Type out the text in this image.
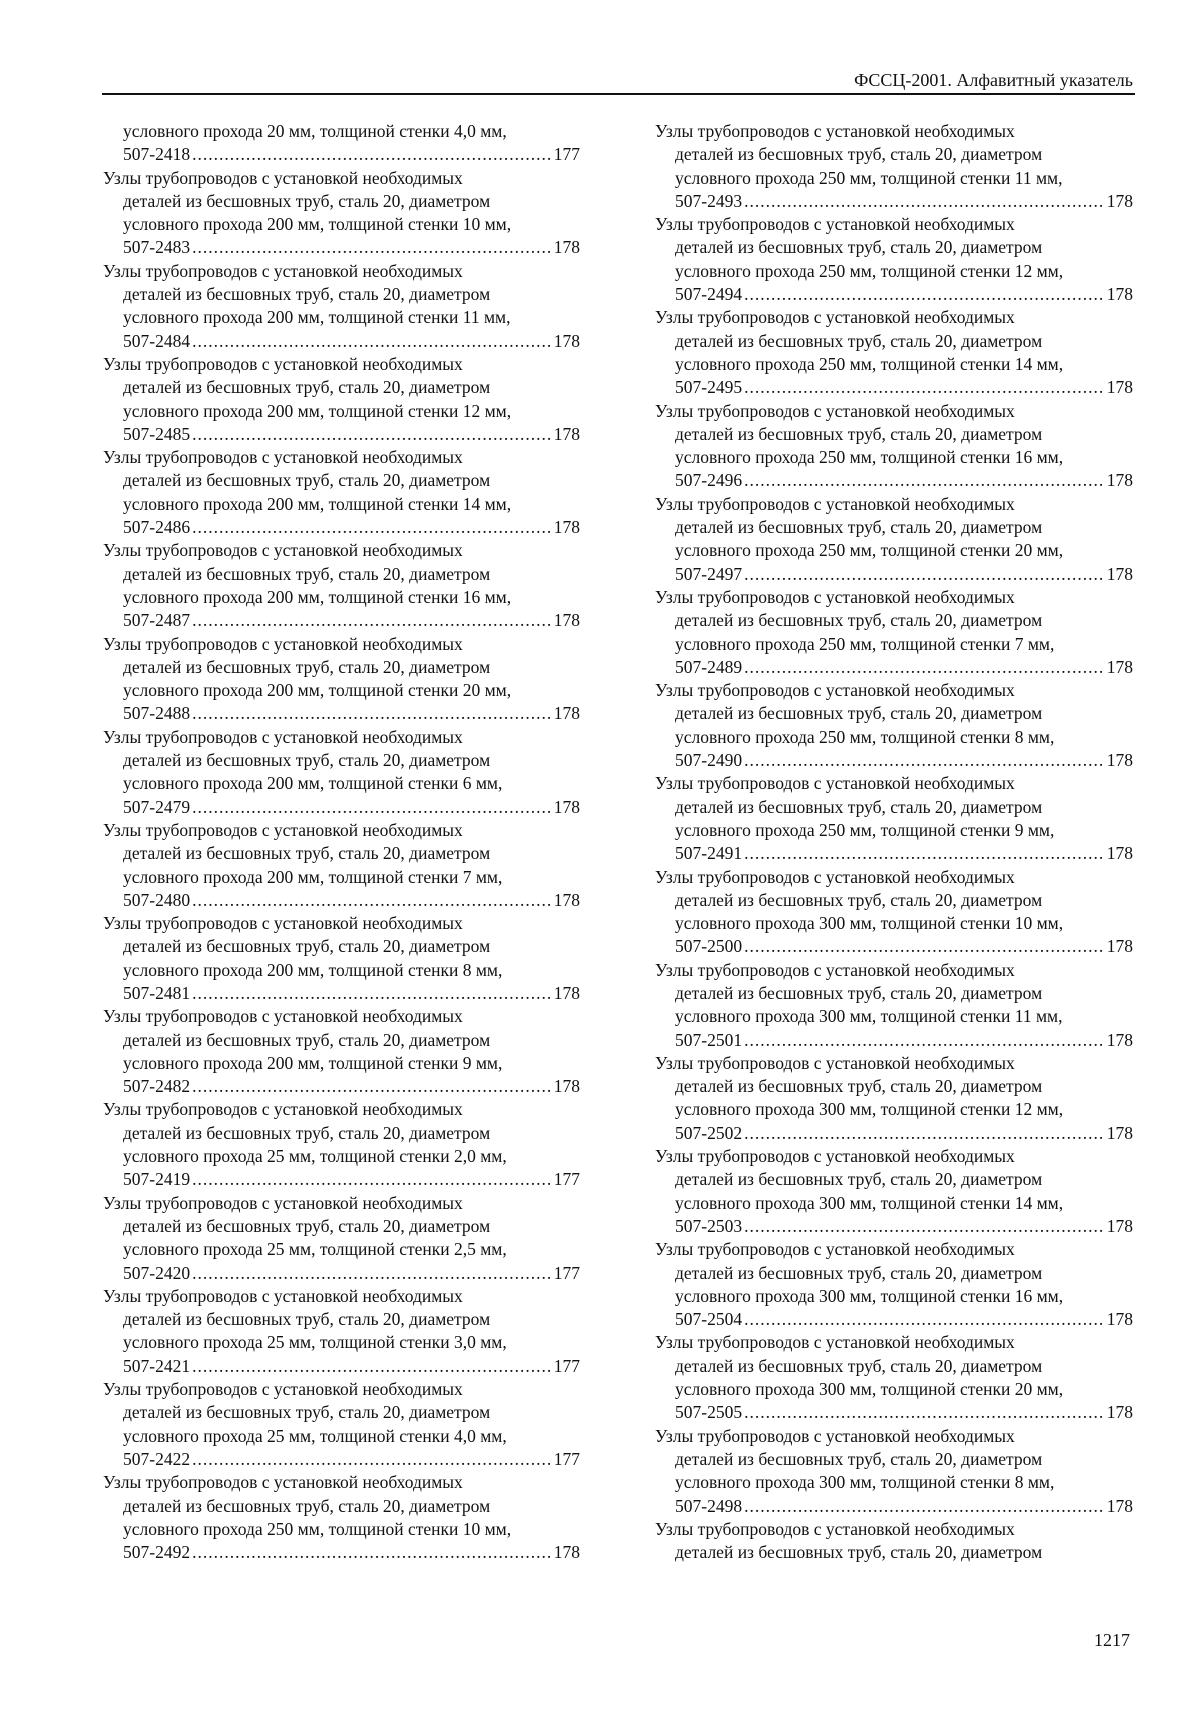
ФССЦ-2001. Алфавитный указатель
условного прохода 20 мм, толщиной стенки 4,0 мм,
507-2418 .....	177
Узлы трубопроводов с установкой необходимых
деталей из бесшовных труб, сталь 20, диаметром
условного прохода 200 мм, толщиной стенки 10 мм,
507-2483 .....	178
Узлы трубопроводов с установкой необходимых
деталей из бесшовных труб, сталь 20, диаметром
условного прохода 200 мм, толщиной стенки 11 мм,
507-2484 .....	178
Узлы трубопроводов с установкой необходимых
деталей из бесшовных труб, сталь 20, диаметром
условного прохода 200 мм, толщиной стенки 12 мм,
507-2485 .....	178
Узлы трубопроводов с установкой необходимых
деталей из бесшовных труб, сталь 20, диаметром
условного прохода 200 мм, толщиной стенки 14 мм,
507-2486 .....	178
Узлы трубопроводов с установкой необходимых
деталей из бесшовных труб, сталь 20, диаметром
условного прохода 200 мм, толщиной стенки 16 мм,
507-2487 .....	178
Узлы трубопроводов с установкой необходимых
деталей из бесшовных труб, сталь 20, диаметром
условного прохода 200 мм, толщиной стенки 20 мм,
507-2488 .....	178
Узлы трубопроводов с установкой необходимых
деталей из бесшовных труб, сталь 20, диаметром
условного прохода 200 мм, толщиной стенки 6 мм,
507-2479 .....	178
Узлы трубопроводов с установкой необходимых
деталей из бесшовных труб, сталь 20, диаметром
условного прохода 200 мм, толщиной стенки 7 мм,
507-2480 .....	178
Узлы трубопроводов с установкой необходимых
деталей из бесшовных труб, сталь 20, диаметром
условного прохода 200 мм, толщиной стенки 8 мм,
507-2481 .....	178
Узлы трубопроводов с установкой необходимых
деталей из бесшовных труб, сталь 20, диаметром
условного прохода 200 мм, толщиной стенки 9 мм,
507-2482 .....	178
Узлы трубопроводов с установкой необходимых
деталей из бесшовных труб, сталь 20, диаметром
условного прохода 25 мм, толщиной стенки 2,0 мм,
507-2419 .....	177
Узлы трубопроводов с установкой необходимых
деталей из бесшовных труб, сталь 20, диаметром
условного прохода 25 мм, толщиной стенки 2,5 мм,
507-2420 .....	177
Узлы трубопроводов с установкой необходимых
деталей из бесшовных труб, сталь 20, диаметром
условного прохода 25 мм, толщиной стенки 3,0 мм,
507-2421 .....	177
Узлы трубопроводов с установкой необходимых
деталей из бесшовных труб, сталь 20, диаметром
условного прохода 25 мм, толщиной стенки 4,0 мм,
507-2422 .....	177
Узлы трубопроводов с установкой необходимых
деталей из бесшовных труб, сталь 20, диаметром
условного прохода 250 мм, толщиной стенки 10 мм,
507-2492 .....	178
Узлы трубопроводов с установкой необходимых
деталей из бесшовных труб, сталь 20, диаметром
условного прохода 250 мм, толщиной стенки 11 мм,
507-2493 .....	178
Узлы трубопроводов с установкой необходимых
деталей из бесшовных труб, сталь 20, диаметром
условного прохода 250 мм, толщиной стенки 12 мм,
507-2494 .....	178
Узлы трубопроводов с установкой необходимых
деталей из бесшовных труб, сталь 20, диаметром
условного прохода 250 мм, толщиной стенки 14 мм,
507-2495 .....	178
Узлы трубопроводов с установкой необходимых
деталей из бесшовных труб, сталь 20, диаметром
условного прохода 250 мм, толщиной стенки 16 мм,
507-2496 .....	178
Узлы трубопроводов с установкой необходимых
деталей из бесшовных труб, сталь 20, диаметром
условного прохода 250 мм, толщиной стенки 20 мм,
507-2497 .....	178
Узлы трубопроводов с установкой необходимых
деталей из бесшовных труб, сталь 20, диаметром
условного прохода 250 мм, толщиной стенки 7 мм,
507-2489 .....	178
Узлы трубопроводов с установкой необходимых
деталей из бесшовных труб, сталь 20, диаметром
условного прохода 250 мм, толщиной стенки 8 мм,
507-2490 .....	178
Узлы трубопроводов с установкой необходимых
деталей из бесшовных труб, сталь 20, диаметром
условного прохода 250 мм, толщиной стенки 9 мм,
507-2491 .....	178
Узлы трубопроводов с установкой необходимых
деталей из бесшовных труб, сталь 20, диаметром
условного прохода 300 мм, толщиной стенки 10 мм,
507-2500 .....	178
Узлы трубопроводов с установкой необходимых
деталей из бесшовных труб, сталь 20, диаметром
условного прохода 300 мм, толщиной стенки 11 мм,
507-2501 .....	178
Узлы трубопроводов с установкой необходимых
деталей из бесшовных труб, сталь 20, диаметром
условного прохода 300 мм, толщиной стенки 12 мм,
507-2502 .....	178
Узлы трубопроводов с установкой необходимых
деталей из бесшовных труб, сталь 20, диаметром
условного прохода 300 мм, толщиной стенки 14 мм,
507-2503 .....	178
Узлы трубопроводов с установкой необходимых
деталей из бесшовных труб, сталь 20, диаметром
условного прохода 300 мм, толщиной стенки 16 мм,
507-2504 .....	178
Узлы трубопроводов с установкой необходимых
деталей из бесшовных труб, сталь 20, диаметром
условного прохода 300 мм, толщиной стенки 20 мм,
507-2505 .....	178
Узлы трубопроводов с установкой необходимых
деталей из бесшовных труб, сталь 20, диаметром
условного прохода 300 мм, толщиной стенки 8 мм,
507-2498 .....	178
Узлы трубопроводов с установкой необходимых
деталей из бесшовных труб, сталь 20, диаметром
1217
